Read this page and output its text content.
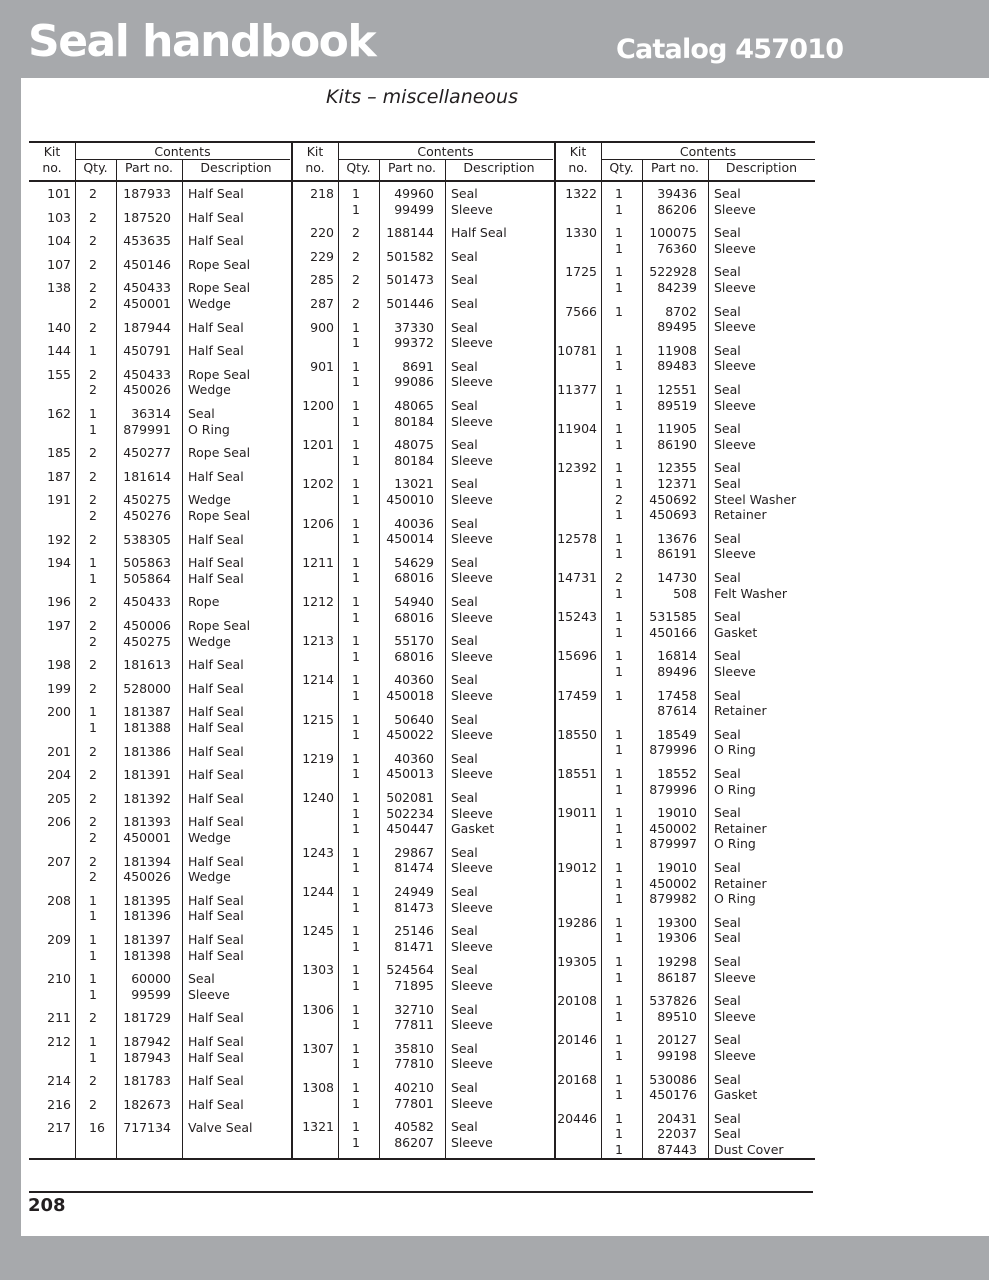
Seal handbook	Catalog 457010
Kits – miscellaneous
208
Kit
no.
Contents
Qty.	Part no.	Description
101 2	187933 Half Seal
103 2	187520 Half Seal
104 2	453635 Half Seal
107 2	450146 Rope Seal
138 2	450433 Rope Seal
2	450001 Wedge
140 2	187944 Half Seal
144 1	450791 Half Seal
155 2	450433 Rope Seal
2	450026 Wedge
162 1	36314 Seal
1	879991 O Ring
185 2	450277 Rope Seal
187 2	181614 Half Seal
191 2	450275 Wedge
2	450276 Rope Seal
192 2	538305 Half Seal
194 1	505863 Half Seal
1	505864 Half Seal
196 2	450433 Rope
197 2	450006 Rope Seal
2	450275 Wedge
198 2	181613 Half Seal
199 2	528000 Half Seal
200 1	181387 Half Seal
1	181388 Half Seal
201 2	181386 Half Seal
204 2	181391 Half Seal
205 2	181392 Half Seal
206 2	181393 Half Seal
2	450001 Wedge
207 2	181394 Half Seal
2	450026 Wedge
208 1	181395 Half Seal
1	181396 Half Seal
209 1	181397 Half Seal
1	181398 Half Seal
210 1	60000 Seal
1	99599 Sleeve
211 2	181729 Half Seal
212 1	187942 Half Seal
1	187943 Half Seal
214 2	181783 Half Seal
216 2	182673 Half Seal
217 16	717134 Valve Seal
Kit
no.
Contents
Qty.	Part no.	Description
218 1	49960 Seal
1	99499 Sleeve
220 2	188144 Half Seal
229 2	501582 Seal
285 2	501473 Seal
287 2	501446 Seal
900 1	37330 Seal
1	99372 Sleeve
901 1	8691 Seal
1	99086 Sleeve
1200 1	48065 Seal
1	80184 Sleeve
1201 1	48075 Seal
1	80184 Sleeve
1202 1	13021 Seal
1	450010 Sleeve
1206 1	40036 Seal
1	450014 Sleeve
1211 1	54629 Seal
1	68016 Sleeve
1212 1	54940 Seal
1	68016 Sleeve
1213 1	55170 Seal
1	68016 Sleeve
1214 1	40360 Seal
1	450018 Sleeve
1215 1	50640 Seal
1	450022 Sleeve
1219 1	40360 Seal
1	450013 Sleeve
1240 1	502081 Seal
1	502234 Sleeve
1	450447 Gasket
1243 1	29867 Seal
1	81474 Sleeve
1244 1	24949 Seal
1	81473 Sleeve
1245 1	25146 Seal
1	81471 Sleeve
1303 1	524564 Seal
1	71895 Sleeve
1306 1	32710 Seal
1	77811 Sleeve
1307 1	35810 Seal
1	77810 Sleeve
1308 1	40210 Seal
1	77801 Sleeve
1321 1	40582 Seal
1	86207 Sleeve
Kit
no.
Contents
Qty.	Part no.	Description
1322 1	39436 Seal
1	86206 Sleeve
1330 1	100075 Seal
1	76360 Sleeve
1725 1	522928 Seal
1	84239 Sleeve
7566 1	8702 Seal
89495 Sleeve
10781 1	11908 Seal
1	89483 Sleeve
11377 1	12551 Seal
1	89519 Sleeve
11904 1	11905 Seal
1	86190 Sleeve
12392 1	12355 Seal
1	12371 Seal
2	450692 Steel Washer
1	450693 Retainer
12578 1	13676 Seal
1	86191 Sleeve
14731 2	14730 Seal
1	508 Felt Washer
15243 1	531585 Seal
1	450166 Gasket
15696 1	16814 Seal
1	89496 Sleeve
17459 1	17458 Seal
87614 Retainer
18550 1	18549 Seal
1	879996 O Ring
18551 1	18552 Seal
1	879996 O Ring
19011 1	19010 Seal
1	450002 Retainer
1	879997 O Ring
19012 1	19010 Seal
1	450002 Retainer
1	879982 O Ring
19286 1	19300 Seal
1	19306 Seal
19305 1	19298 Seal
1	86187 Sleeve
20108 1	537826 Seal
1	89510 Sleeve
20146 1	20127 Seal
1	99198 Sleeve
20168 1	530086 Seal
1	450176 Gasket
20446 1	20431 Seal
1	22037 Seal
1	87443 Dust Cover
